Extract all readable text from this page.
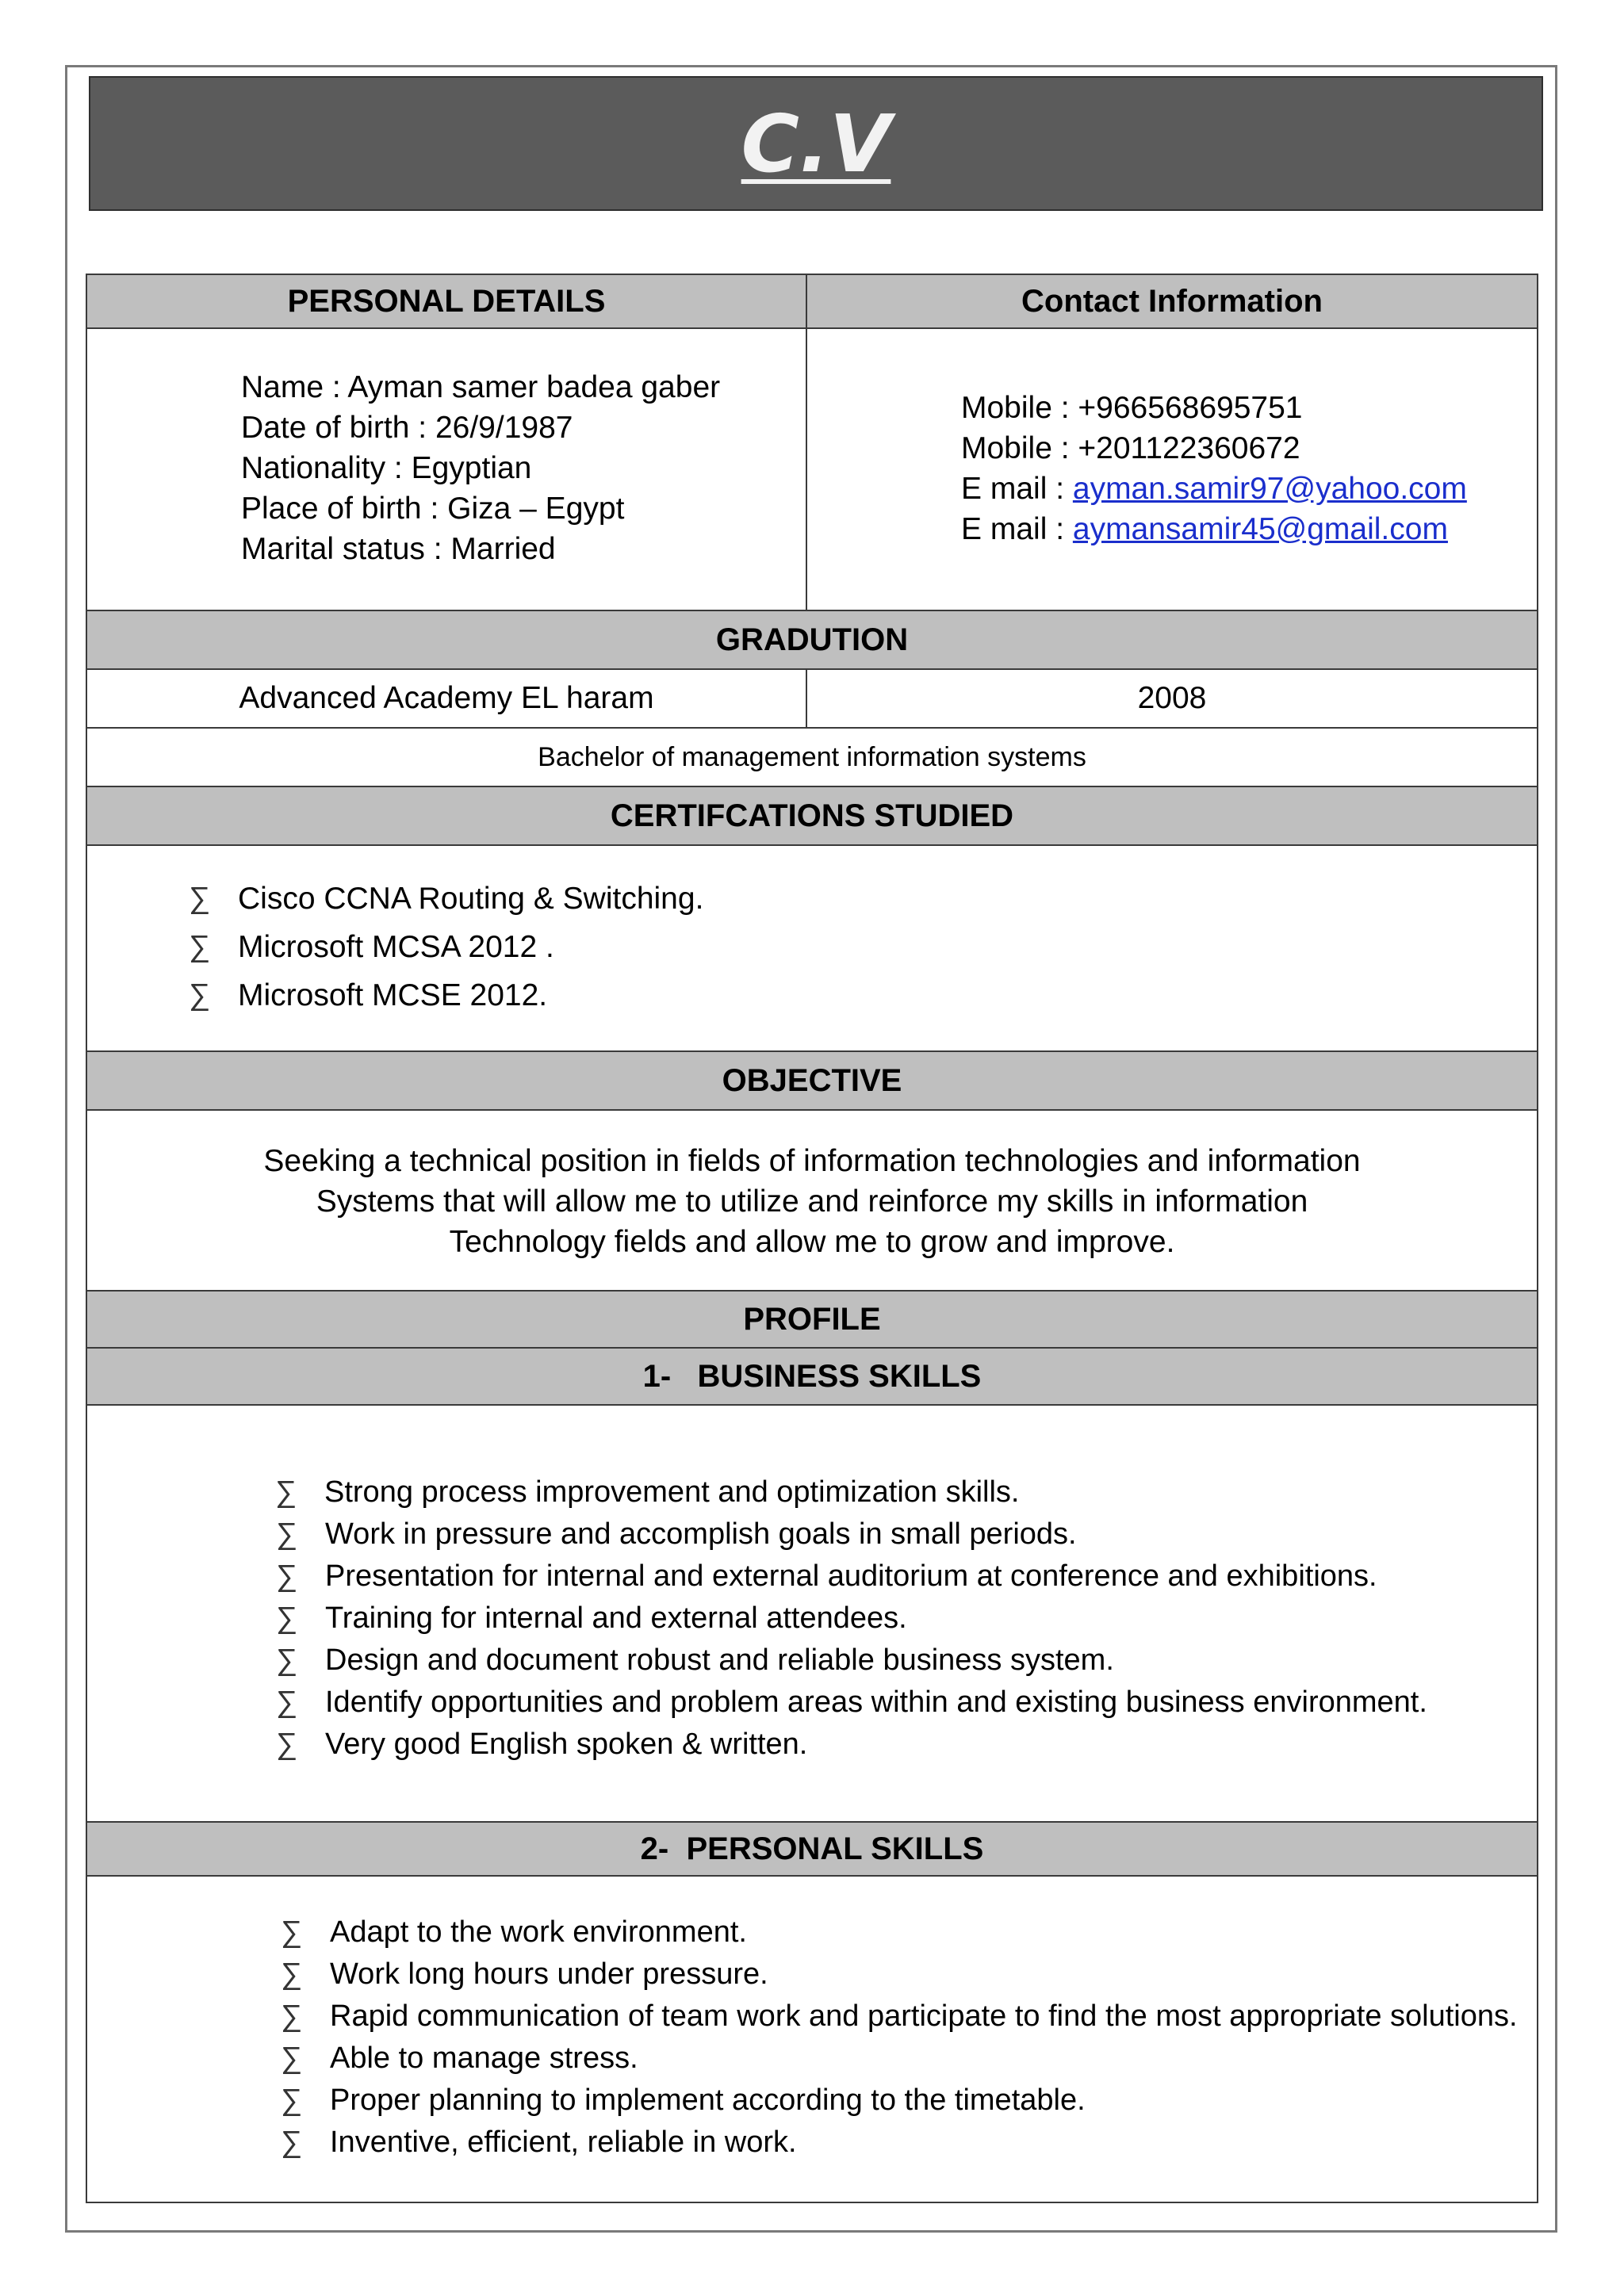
C.V
PERSONAL DETAILS	Contact Information
Name : Ayman samer badea gaber
Date of birth : 26/9/1987
Nationality : Egyptian
Place of birth : Giza – Egypt
Marital status : Married
Mobile : +966568695751
Mobile : +201122360672
E mail : ayman.samir97@yahoo.com
E mail : aymansamir45@gmail.com
GRADUTION
Advanced Academy EL haram	2008
Bachelor of management information systems
CERTIFCATIONS STUDIED
∑ Cisco CCNA Routing & Switching.
∑ Microsoft MCSA 2012 .
∑ Microsoft MCSE 2012.
OBJECTIVE
Seeking a technical position in fields of information technologies and information
Systems that will allow me to utilize and reinforce my skills in information
Technology fields and allow me to grow and improve.
PROFILE
1-   BUSINESS SKILLS
∑ Strong process improvement and optimization skills.
∑ Work in pressure and accomplish goals in small periods.
∑ Presentation for internal and external auditorium at conference and exhibitions.
∑ Training for internal and external attendees.
∑ Design and document robust and reliable business system.
∑ Identify opportunities and problem areas within and existing business environment.
∑ Very good English spoken & written.
2-  PERSONAL SKILLS
∑ Adapt to the work environment.
∑ Work long hours under pressure.
∑ Rapid communication of team work and participate to find the most appropriate solutions.
∑ Able to manage stress.
∑ Proper planning to implement according to the timetable.
∑ Inventive, efficient, reliable in work.
